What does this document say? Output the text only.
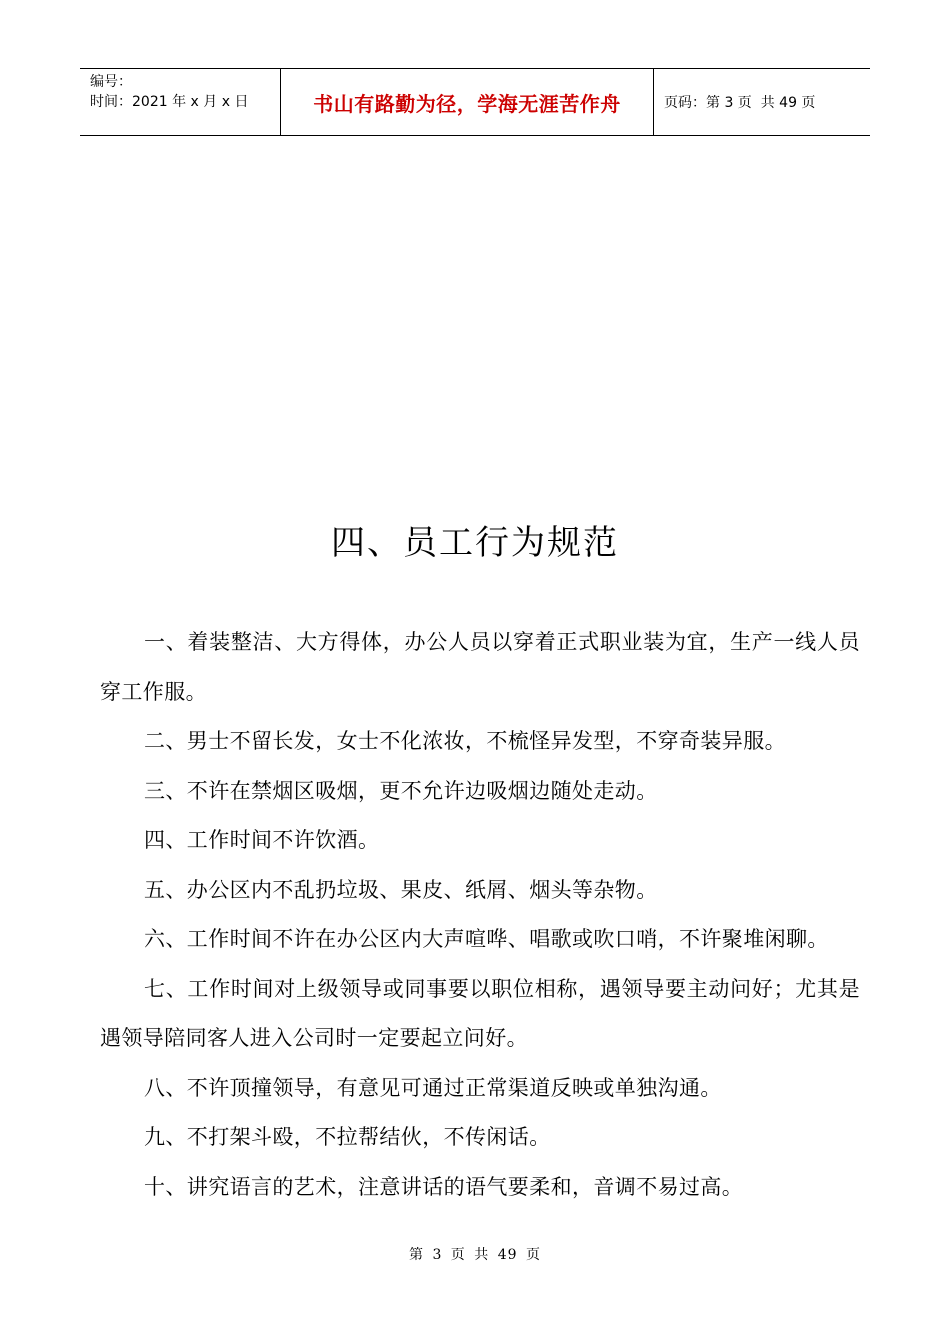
编号：
时间：2021 年 x 月 x 日	书山有路勤为径，学海无涯苦作舟	页码：第 3 页  共 49 页
四、员工行为规范

一、着装整洁、大方得体，办公人员以穿着正式职业装为宜，生产一线人员穿工作服。

二、男士不留长发，女士不化浓妆，不梳怪异发型，不穿奇装异服。

三、不许在禁烟区吸烟，更不允许边吸烟边随处走动。

四、工作时间不许饮酒。

五、办公区内不乱扔垃圾、果皮、纸屑、烟头等杂物。

六、工作时间不许在办公区内大声喧哗、唱歌或吹口哨，不许聚堆闲聊。

七、工作时间对上级领导或同事要以职位相称，遇领导要主动问好；尤其是遇领导陪同客人进入公司时一定要起立问好。

八、不许顶撞领导，有意见可通过正常渠道反映或单独沟通。

九、不打架斗殴，不拉帮结伙，不传闲话。

十、讲究语言的艺术，注意讲话的语气要柔和，音调不易过高。

第 3 页 共 49 页
